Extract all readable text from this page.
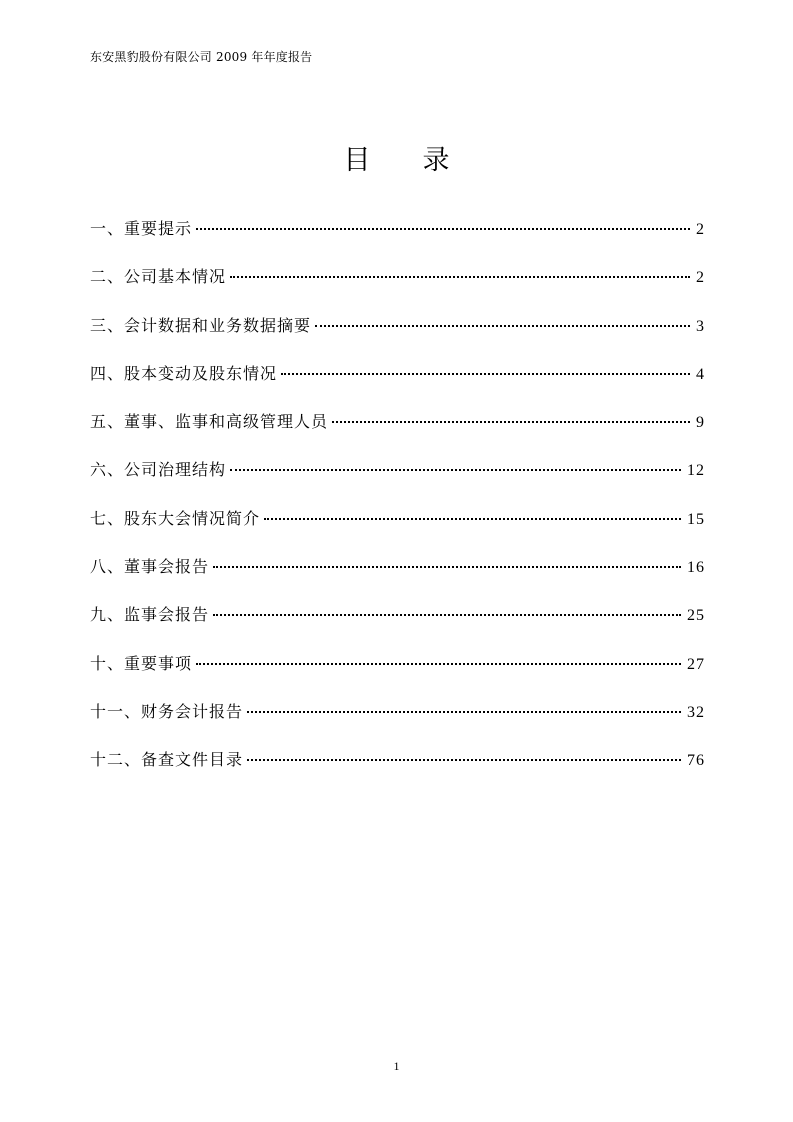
东安黑豹股份有限公司 2009 年年度报告
目录
一、重要提示	2
二、公司基本情况	2
三、会计数据和业务数据摘要	3
四、股本变动及股东情况	4
五、董事、监事和高级管理人员	9
六、公司治理结构	12
七、股东大会情况简介	15
八、董事会报告	16
九、监事会报告	25
十、重要事项	27
十一、财务会计报告	32
十二、备查文件目录	76
1
